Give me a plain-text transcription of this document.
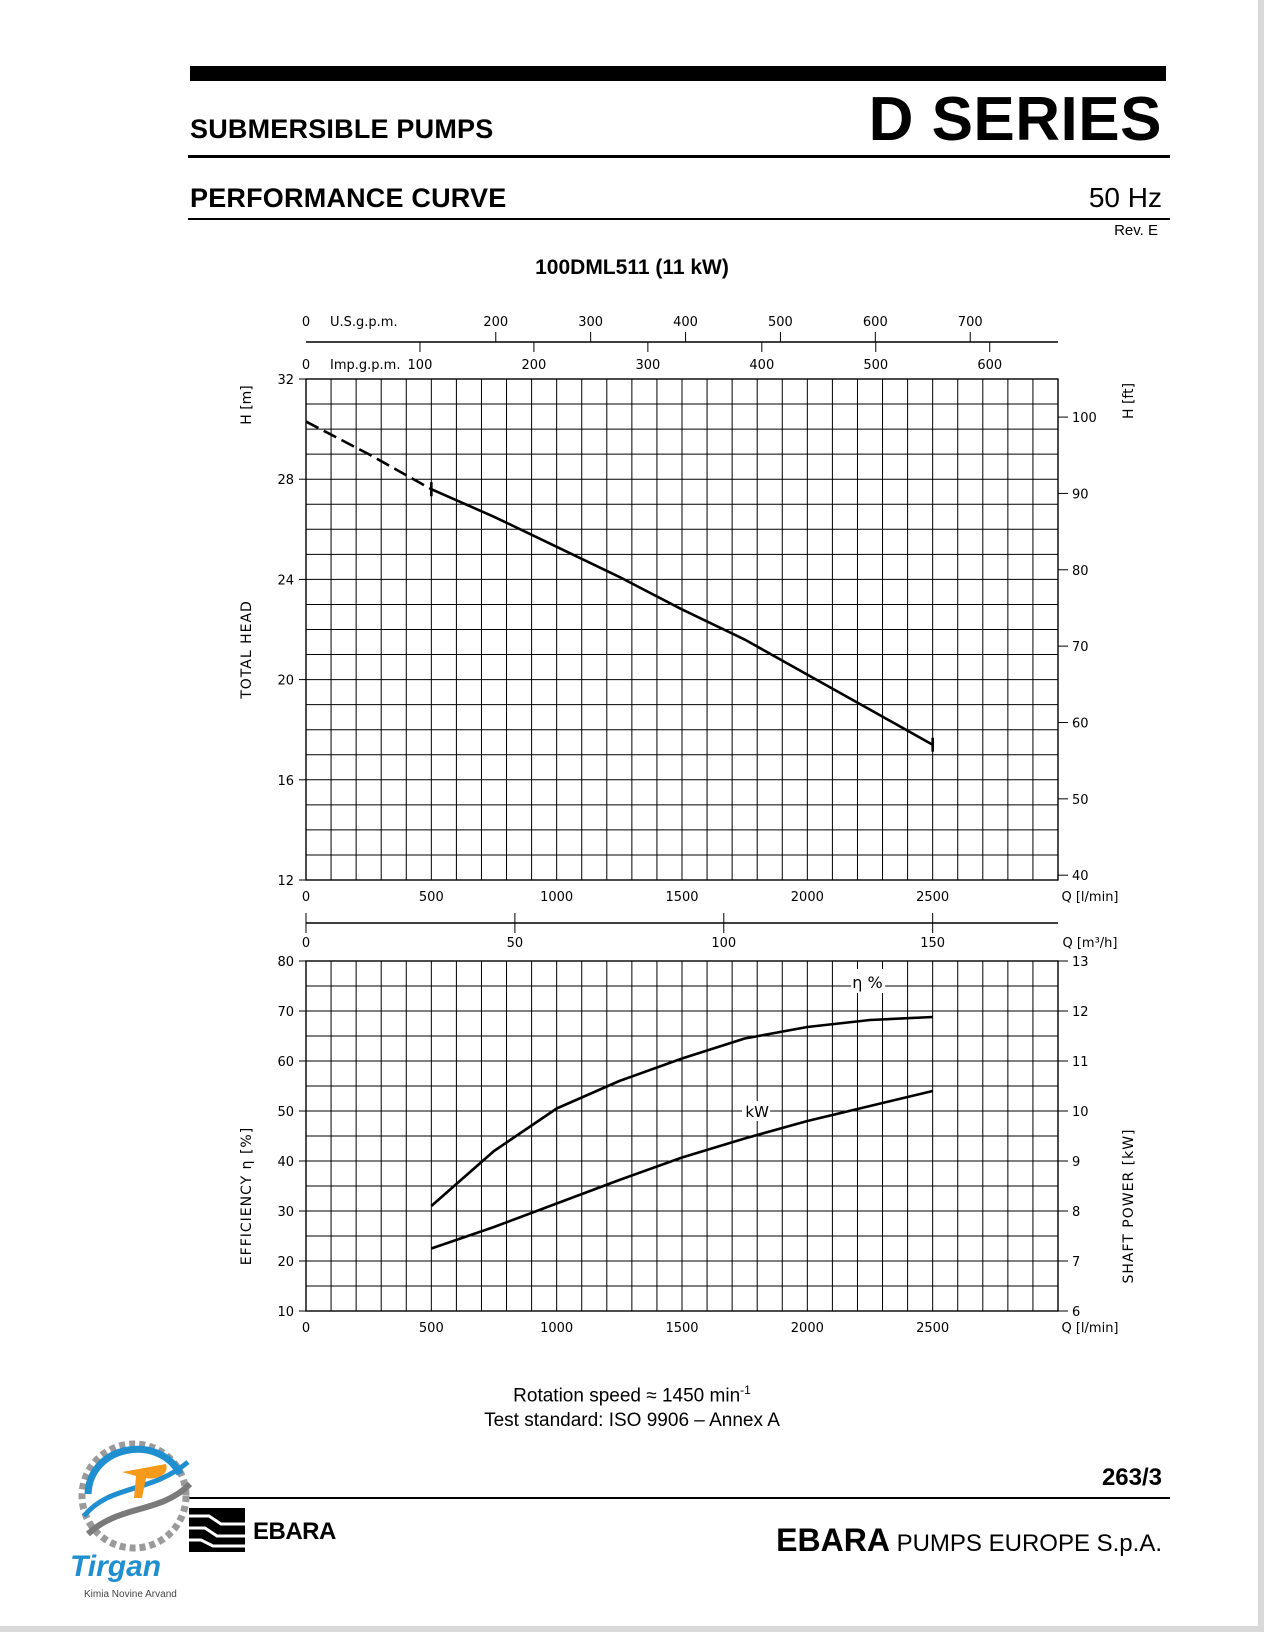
SUBMERSIBLE PUMPS	D SERIES
PERFORMANCE CURVE	50 Hz
Rev. E
100DML511 (11 kW)
12
16
20
24
28
32
40
50
60
70
80
90
100
0	500	1000	1500	2000	2500	Q [l/min]
TOTAL HEAD
H [m]	H [ft]
0 U.S.g.p.m.	200	300	400	500	600	700
0 Imp.g.p.m. 100	200	300	400	500	600
0	50	100	150	Q [m³/h]
10
20
30
40
50
60
70
80
6
7
8
9
10
11
12
13
0	500	1000	1500	2000	2500	Q [l/min]
EFFICIENCY η [%]	SHAFT POWER [kW]
η %
kW
Rotation speed ≈ 1450 $\min^{-1}$
Test standard: ISO 9906 – Annex A
263/3
EBARA	EBARA PUMPS EUROPE S.p.A.
Tirgan
Kimia Novine Arvand
